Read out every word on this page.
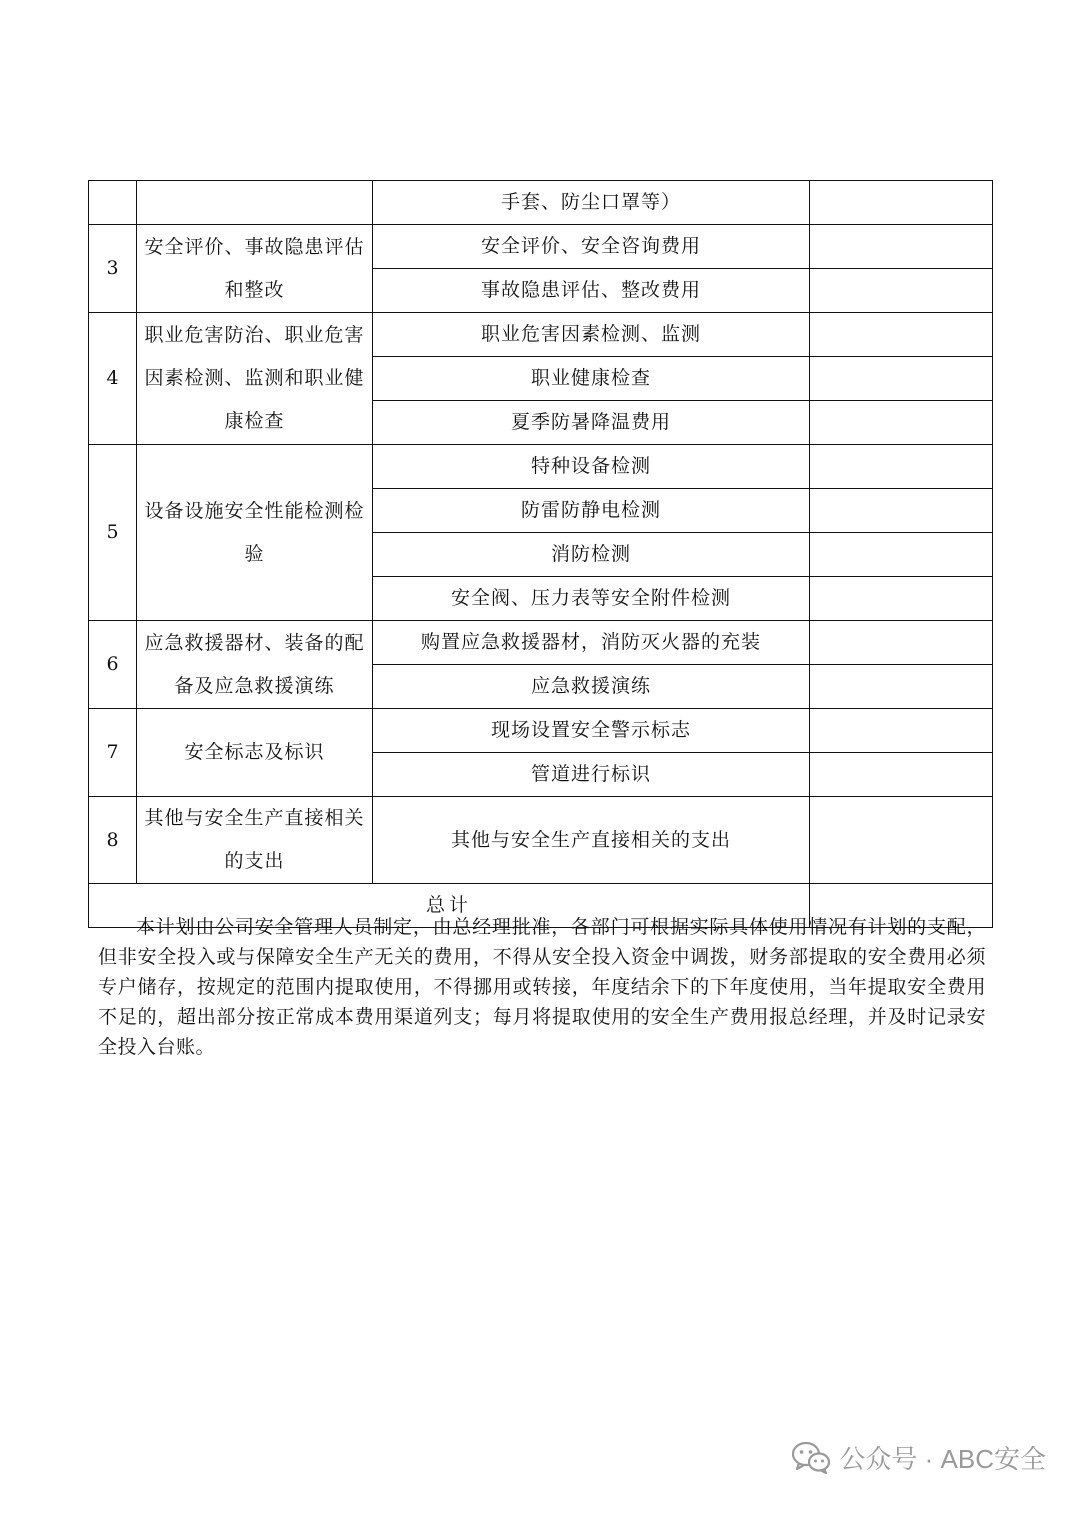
		手套、防尘口罩等）	
3	安全评价、事故隐患评估和整改	安全评价、安全咨询费用	
		事故隐患评估、整改费用	
4	职业危害防治、职业危害因素检测、监测和职业健康检查	职业危害因素检测、监测	
		职业健康检查	
		夏季防暑降温费用	
5	设备设施安全性能检测检验	特种设备检测	
		防雷防静电检测	
		消防检测	
		安全阀、压力表等安全附件检测	
6	应急救援器材、装备的配备及应急救援演练	购置应急救援器材，消防灭火器的充装	
		应急救援演练	
7	安全标志及标识	现场设置安全警示标志	
		管道进行标识	
8	其他与安全生产直接相关的支出	其他与安全生产直接相关的支出	
总计			

本计划由公司安全管理人员制定，由总经理批准，各部门可根据实际具体使用情况有计划的支配，但非安全投入或与保障安全生产无关的费用，不得从安全投入资金中调拨，财务部提取的安全费用必须专户储存，按规定的范围内提取使用，不得挪用或转接，年度结余下的下年度使用，当年提取安全费用不足的，超出部分按正常成本费用渠道列支；每月将提取使用的安全生产费用报总经理，并及时记录安全投入台账。

公众号 · ABC安全
